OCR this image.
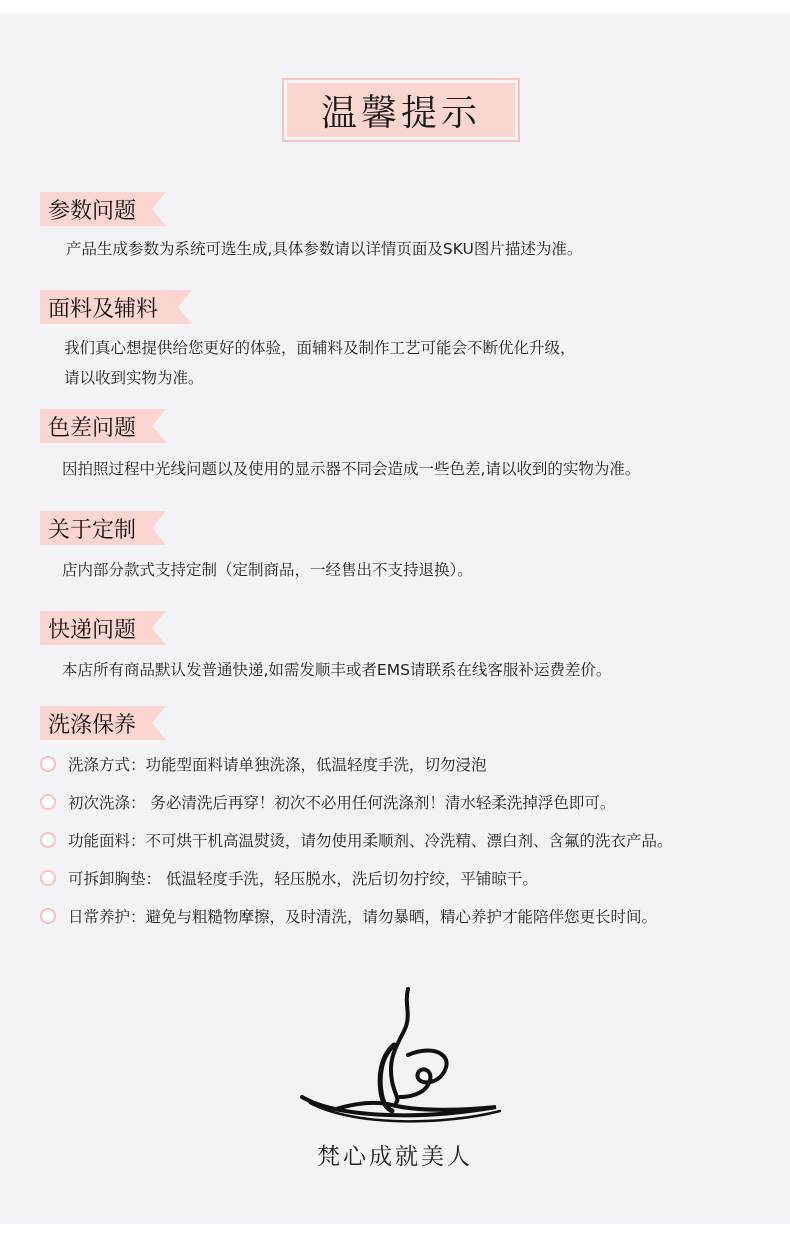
温馨提示
参数问题
产品生成参数为系统可选生成,具体参数请以详情页面及SKU图片描述为准。
面料及辅料
我们真心想提供给您更好的体验，面辅料及制作工艺可能会不断优化升级，
请以收到实物为准。
色差问题
因拍照过程中光线问题以及使用的显示器不同会造成一些色差,请以收到的实物为准。
关于定制
店内部分款式支持定制（定制商品，一经售出不支持退换）。
快递问题
本店所有商品默认发普通快递,如需发顺丰或者EMS请联系在线客服补运费差价。
洗涤保养
洗涤方式：功能型面料请单独洗涤，低温轻度手洗，切勿浸泡
初次洗涤： 务必清洗后再穿！初次不必用任何洗涤剂！清水轻柔洗掉浮色即可。
功能面料：不可烘干机高温熨烫，请勿使用柔顺剂、冷洗精、漂白剂、含氟的洗衣产品。
可拆卸胸垫： 低温轻度手洗，轻压脱水，洗后切勿拧绞，平铺晾干。
日常养护：避免与粗糙物摩擦，及时清洗，请勿暴晒，精心养护才能陪伴您更长时间。
梵心成就美人
